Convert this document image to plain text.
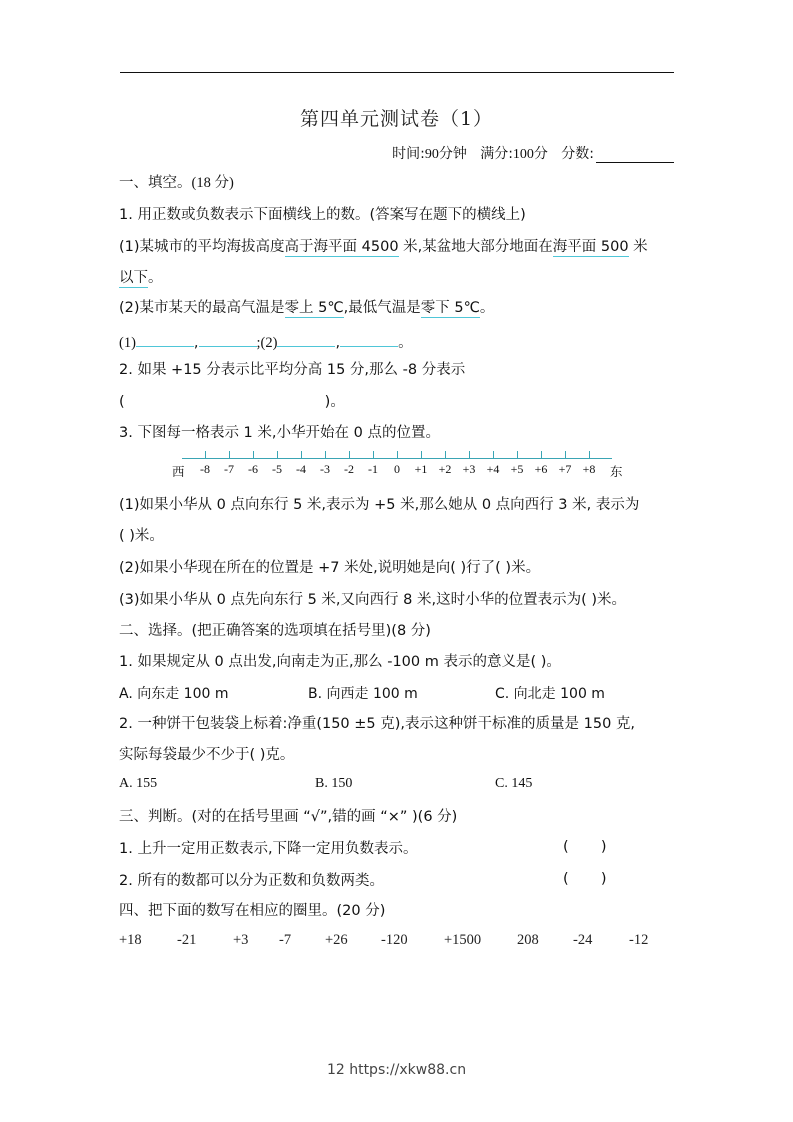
第四单元测试卷（1）
时间: 90 分钟
满分: 100 分
分数:
一、填空。(18 分)
1. 用正数或负数表示下面横线上的数。(答案写在题下的横线上)
(1)某城市的平均海拔高度高于海平面 4500 米,某盆地大部分地面在海平面 500 米
以下。
(2)某市某天的最高气温是零上 5℃,最低气温是零下 5℃。
(1)	,	;(2)	,	。
2. 如果 +15 分表示比平均分高 15 分,那么 -8 分表示
(	)。
3. 下图每一格表示 1 米,小华开始在 0 点的位置。
西	东
-8 -7 -6 -5 -4 -3 -2 -1 0 +1 +2 +3 +4 +5 +6 +7 +8
(1)如果小华从 0 点向东行 5 米,表示为 +5 米,那么她从 0 点向西行 3 米, 表示为
( )米。
(2)如果小华现在所在的位置是 +7 米处,说明她是向( )行了( )米。
(3)如果小华从 0 点先向东行 5 米,又向西行 8 米,这时小华的位置表示为( )米。
二、选择。(把正确答案的选项填在括号里)(8 分)
1. 如果规定从 0 点出发,向南走为正,那么 -100 m 表示的意义是( )。
A. 向东走 100 m	B. 向西走 100 m	C. 向北走 100 m
2. 一种饼干包装袋上标着:净重(150 ±5 克),表示这种饼干标准的质量是 150 克,
实际每袋最少不少于( )克。
A. 155	B. 150	C. 145
三、判断。(对的在括号里画 “√”,错的画 “×” )(6 分)
1. 上升一定用正数表示,下降一定用负数表示。	(       )
2. 所有的数都可以分为正数和负数两类。	(       )
四、把下面的数写在相应的圈里。(20 分)
+18	-21	+3	-7	+26	-120	+1500	208	-24	-12
12 https://xkw88.cn
